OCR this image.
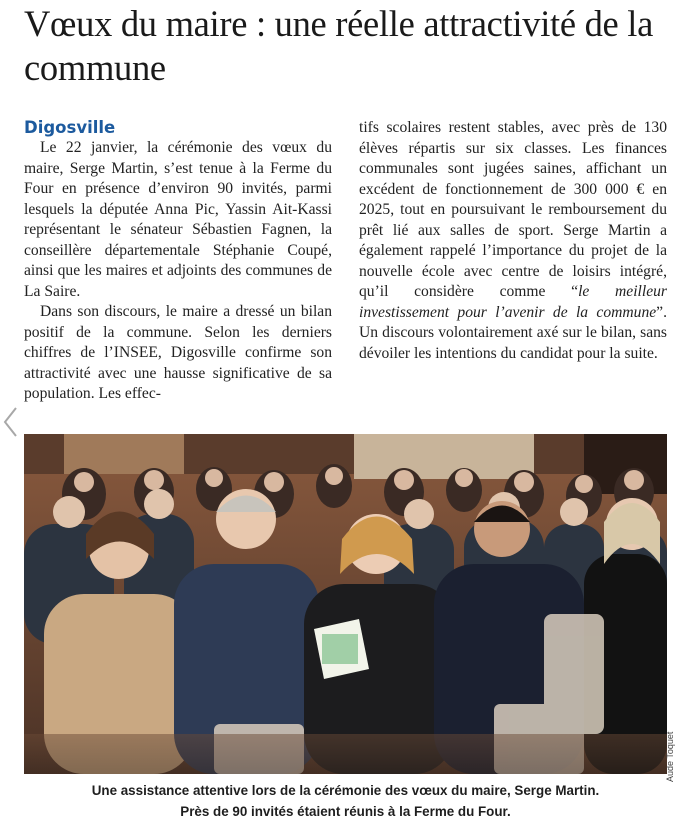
Vœux du maire : une réelle attractivité de la commune
Digosville

Le 22 janvier, la cérémonie des vœux du maire, Serge Martin, s’est tenue à la Ferme du Four en présence d’environ 90 invités, parmi lesquels la députée Anna Pic, Yassin Ait-Kassi représentant le sénateur Sébastien Fagnen, la conseillère départementale Stéphanie Coupé, ainsi que les maires et adjoints des communes de La Saire.

Dans son discours, le maire a dressé un bilan positif de la commune. Selon les derniers chiffres de l’INSEE, Digosville confirme son attractivité avec une hausse significative de sa population. Les effec-

tifs scolaires restent stables, avec près de 130 élèves répartis sur six classes. Les finances communales sont jugées saines, affichant un excédent de fonctionnement de 300 000 € en 2025, tout en poursuivant le remboursement du prêt lié aux salles de sport. Serge Martin a également rappelé l’importance du projet de la nouvelle école avec centre de loisirs intégré, qu’il considère comme “le meilleur investissement pour l’avenir de la commune”. Un discours volontairement axé sur le bilan, sans dévoiler les intentions du candidat pour la suite.

Aude Toquet
Une assistance attentive lors de la cérémonie des vœux du maire, Serge Martin.
Près de 90 invités étaient réunis à la Ferme du Four.
